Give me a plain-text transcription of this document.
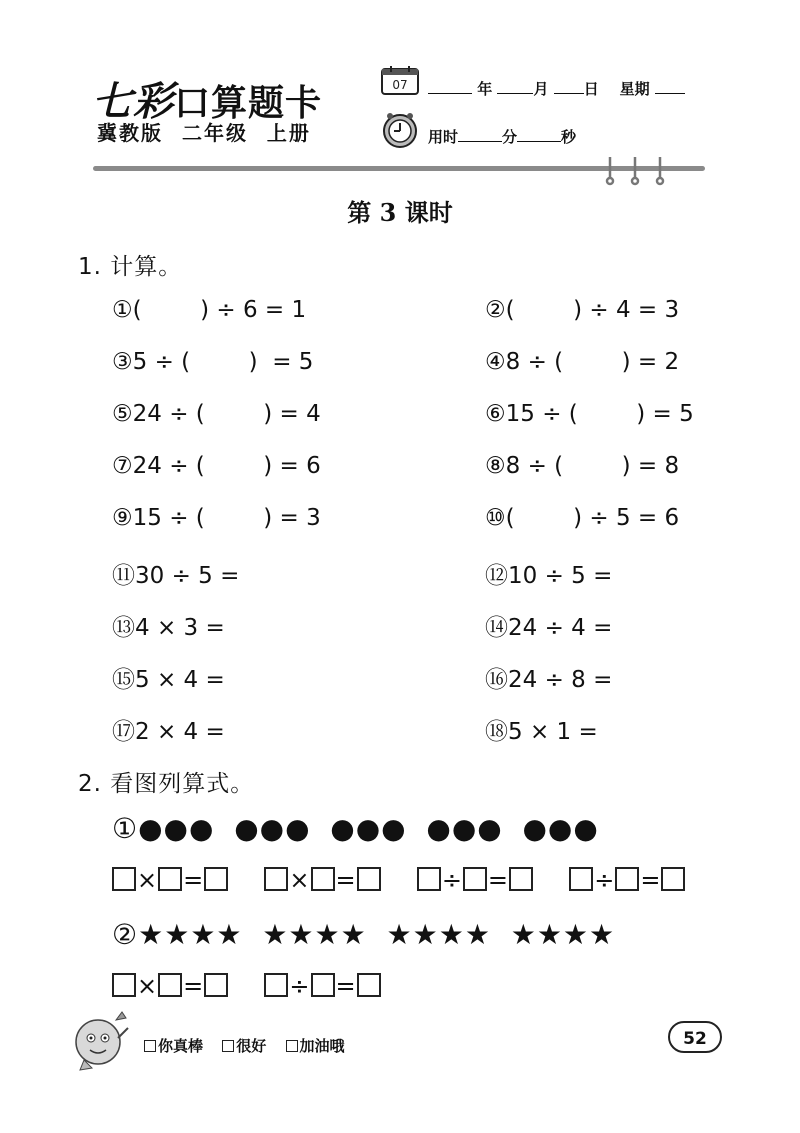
七彩口算题卡
冀教版 二年级 上册
07	年	月 日 星期
用时	分	秒
第 3 课时
1. 计算。
①(        ) ÷ 6 = 1	②(        ) ÷ 4 = 3
③5 ÷ (        )  = 5	④8 ÷ (        ) = 2
⑤24 ÷ (        ) = 4	⑥15 ÷ (        ) = 5
⑦24 ÷ (        ) = 6	⑧8 ÷ (        ) = 8
⑨15 ÷ (        ) = 3	⑩(        ) ÷ 5 = 6
⑪30 ÷ 5 =	⑫10 ÷ 5 =
⑬4 × 3 =	⑭24 ÷ 4 =
⑮5 × 4 =	⑯24 ÷ 8 =
⑰2 × 4 =	⑱5 × 1 =
2. 看图列算式。
①●●●  ●●●  ●●●  ●●●  ●●●
× =	× =	÷ =	÷ =
②★★★★  ★★★★  ★★★★  ★★★★
× =	÷ =
你真棒 很好 加油哦	52
